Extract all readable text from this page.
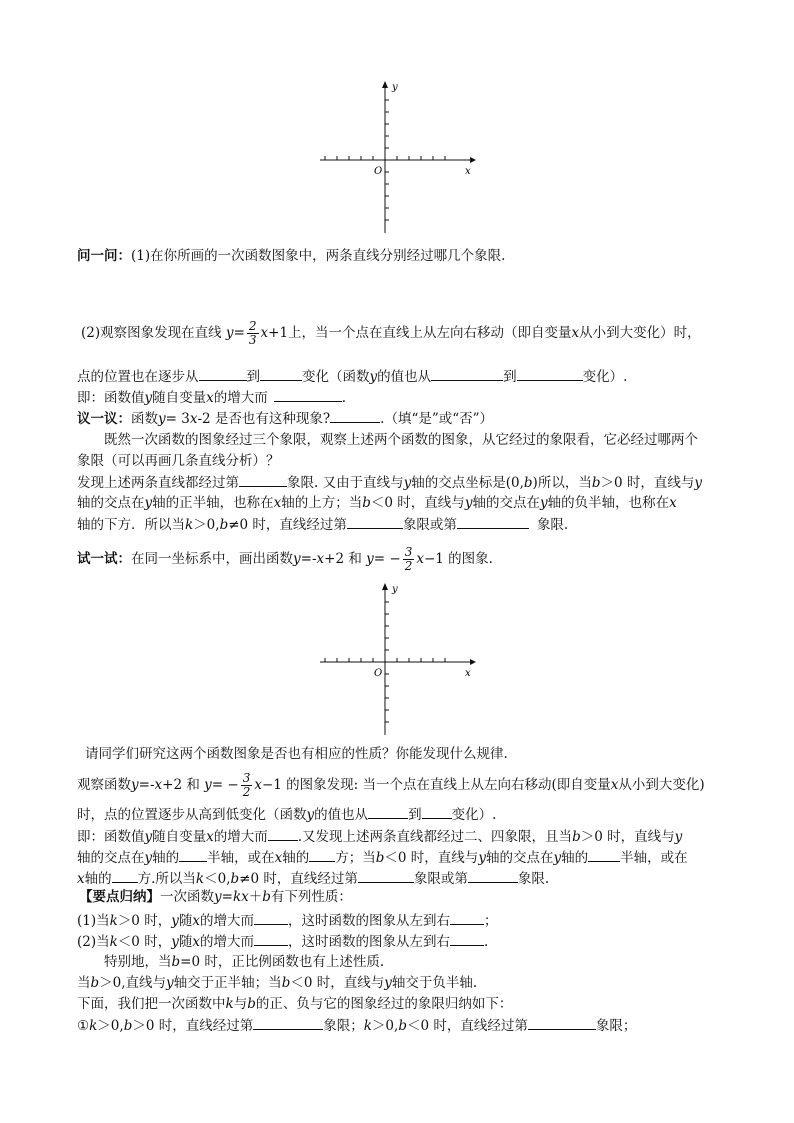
y
x
O
y
x
O
问一问：(1)在你所画的一次函数图象中，两条直线分别经过哪几个象限.
(2)观察图象发现在直线 $y= \frac{2}{3} x+1$上，当一个点在直线上从左向右移动（即自变量x从小到大变化）时，
点的位置也在逐步从	到	变化（函数y的值也从	到	变化）.
即：函数值y随自变量x的增大而	.
议一议：函数y= 3x-2 是否也有这种现象?	.（填“是”或“否”）
既然一次函数的图象经过三个象限，观察上述两个函数的图象，从它经过的象限看，它必经过哪两个
象限（可以再画几条直线分析）？
发现上述两条直线都经过第	象限. 又由于直线与y轴的交点坐标是(0,b)所以，当b＞0 时，直线与y
轴的交点在y轴的正半轴，也称在x轴的上方；当b＜0 时，直线与y轴的交点在y轴的负半轴，也称在x
轴的下方．所以当k＞0,b≠0 时，直线经过第	象限或第	象限.
试一试：在同一坐标系中，画出函数y=-x+2 和 $y= - \frac{3}{2} x-1$ 的图象.
请同学们研究这两个函数图象是否也有相应的性质？你能发现什么规律.
观察函数y=-x+2 和 $y= - \frac{3}{2} x-1$ 的图象发现: 当一个点在直线上从左向右移动(即自变量x从小到大变化)
时，点的位置逐步从高到低变化（函数y的值也从	到 变化）.
即：函数值y随自变量x的增大而 .又发现上述两条直线都经过二、四象限，且当b＞0 时，直线与y
轴的交点在y轴的 半轴，或在x轴的 方；当b＜0 时，直线与y轴的交点在y轴的 半轴，或在
x轴的 方.所以当k＜0,b≠0 时，直线经过第	象限或第	象限.
【要点归纳】一次函数y=kx＋b有下列性质：
(1)当k＞0 时，y随x的增大而	，这时函数的图象从左到右	；
(2)当k＜0 时，y随x的增大而	，这时函数的图象从左到右	.
特别地，当b=0 时，正比例函数也有上述性质.
当b＞0,直线与y轴交于正半轴；当b＜0 时，直线与y轴交于负半轴.
下面，我们把一次函数中k与b的正、负与它的图象经过的象限归纳如下：
①k＞0,b＞0 时，直线经过第	象限；k＞0,b＜0 时，直线经过第	象限；
